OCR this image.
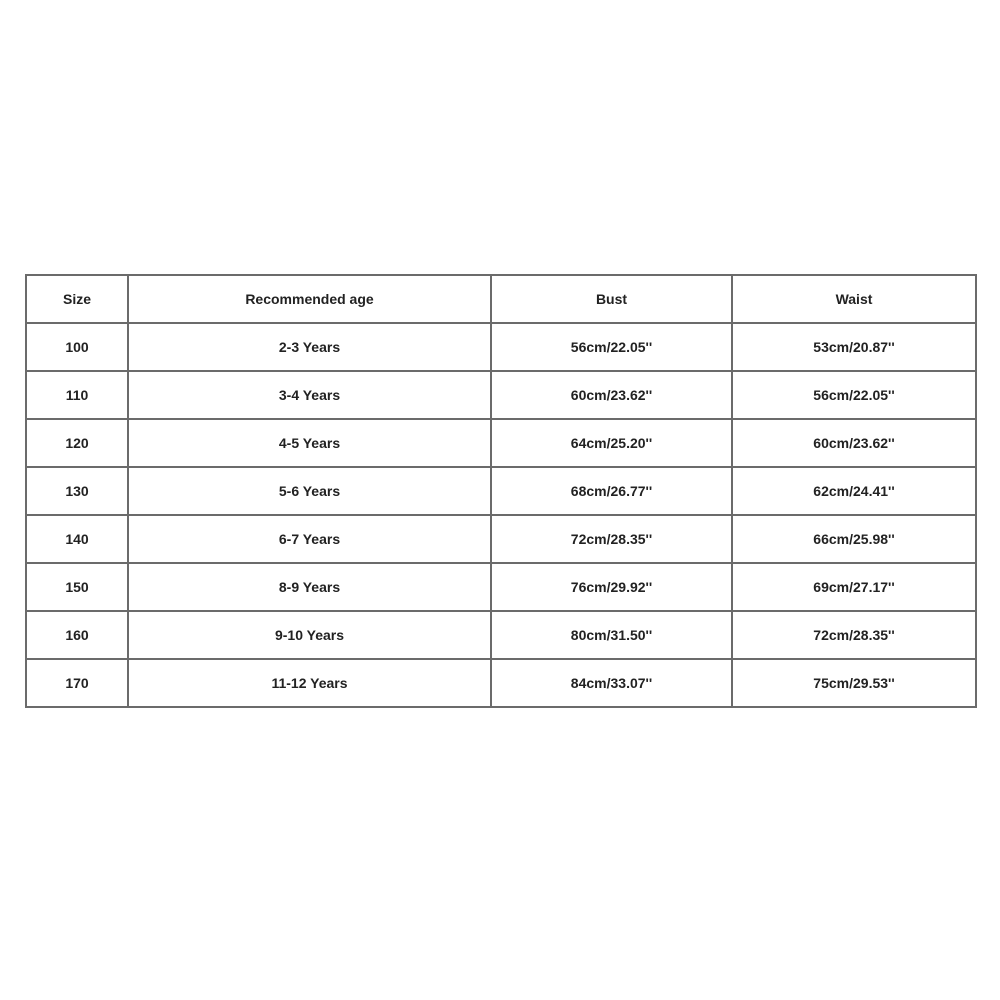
Size	Recommended age	Bust	Waist
100	2-3 Years	56cm/22.05''	53cm/20.87''
110	3-4 Years	60cm/23.62''	56cm/22.05''
120	4-5 Years	64cm/25.20''	60cm/23.62''
130	5-6 Years	68cm/26.77''	62cm/24.41''
140	6-7 Years	72cm/28.35''	66cm/25.98''
150	8-9 Years	76cm/29.92''	69cm/27.17''
160	9-10 Years	80cm/31.50''	72cm/28.35''
170	11-12 Years	84cm/33.07''	75cm/29.53''
